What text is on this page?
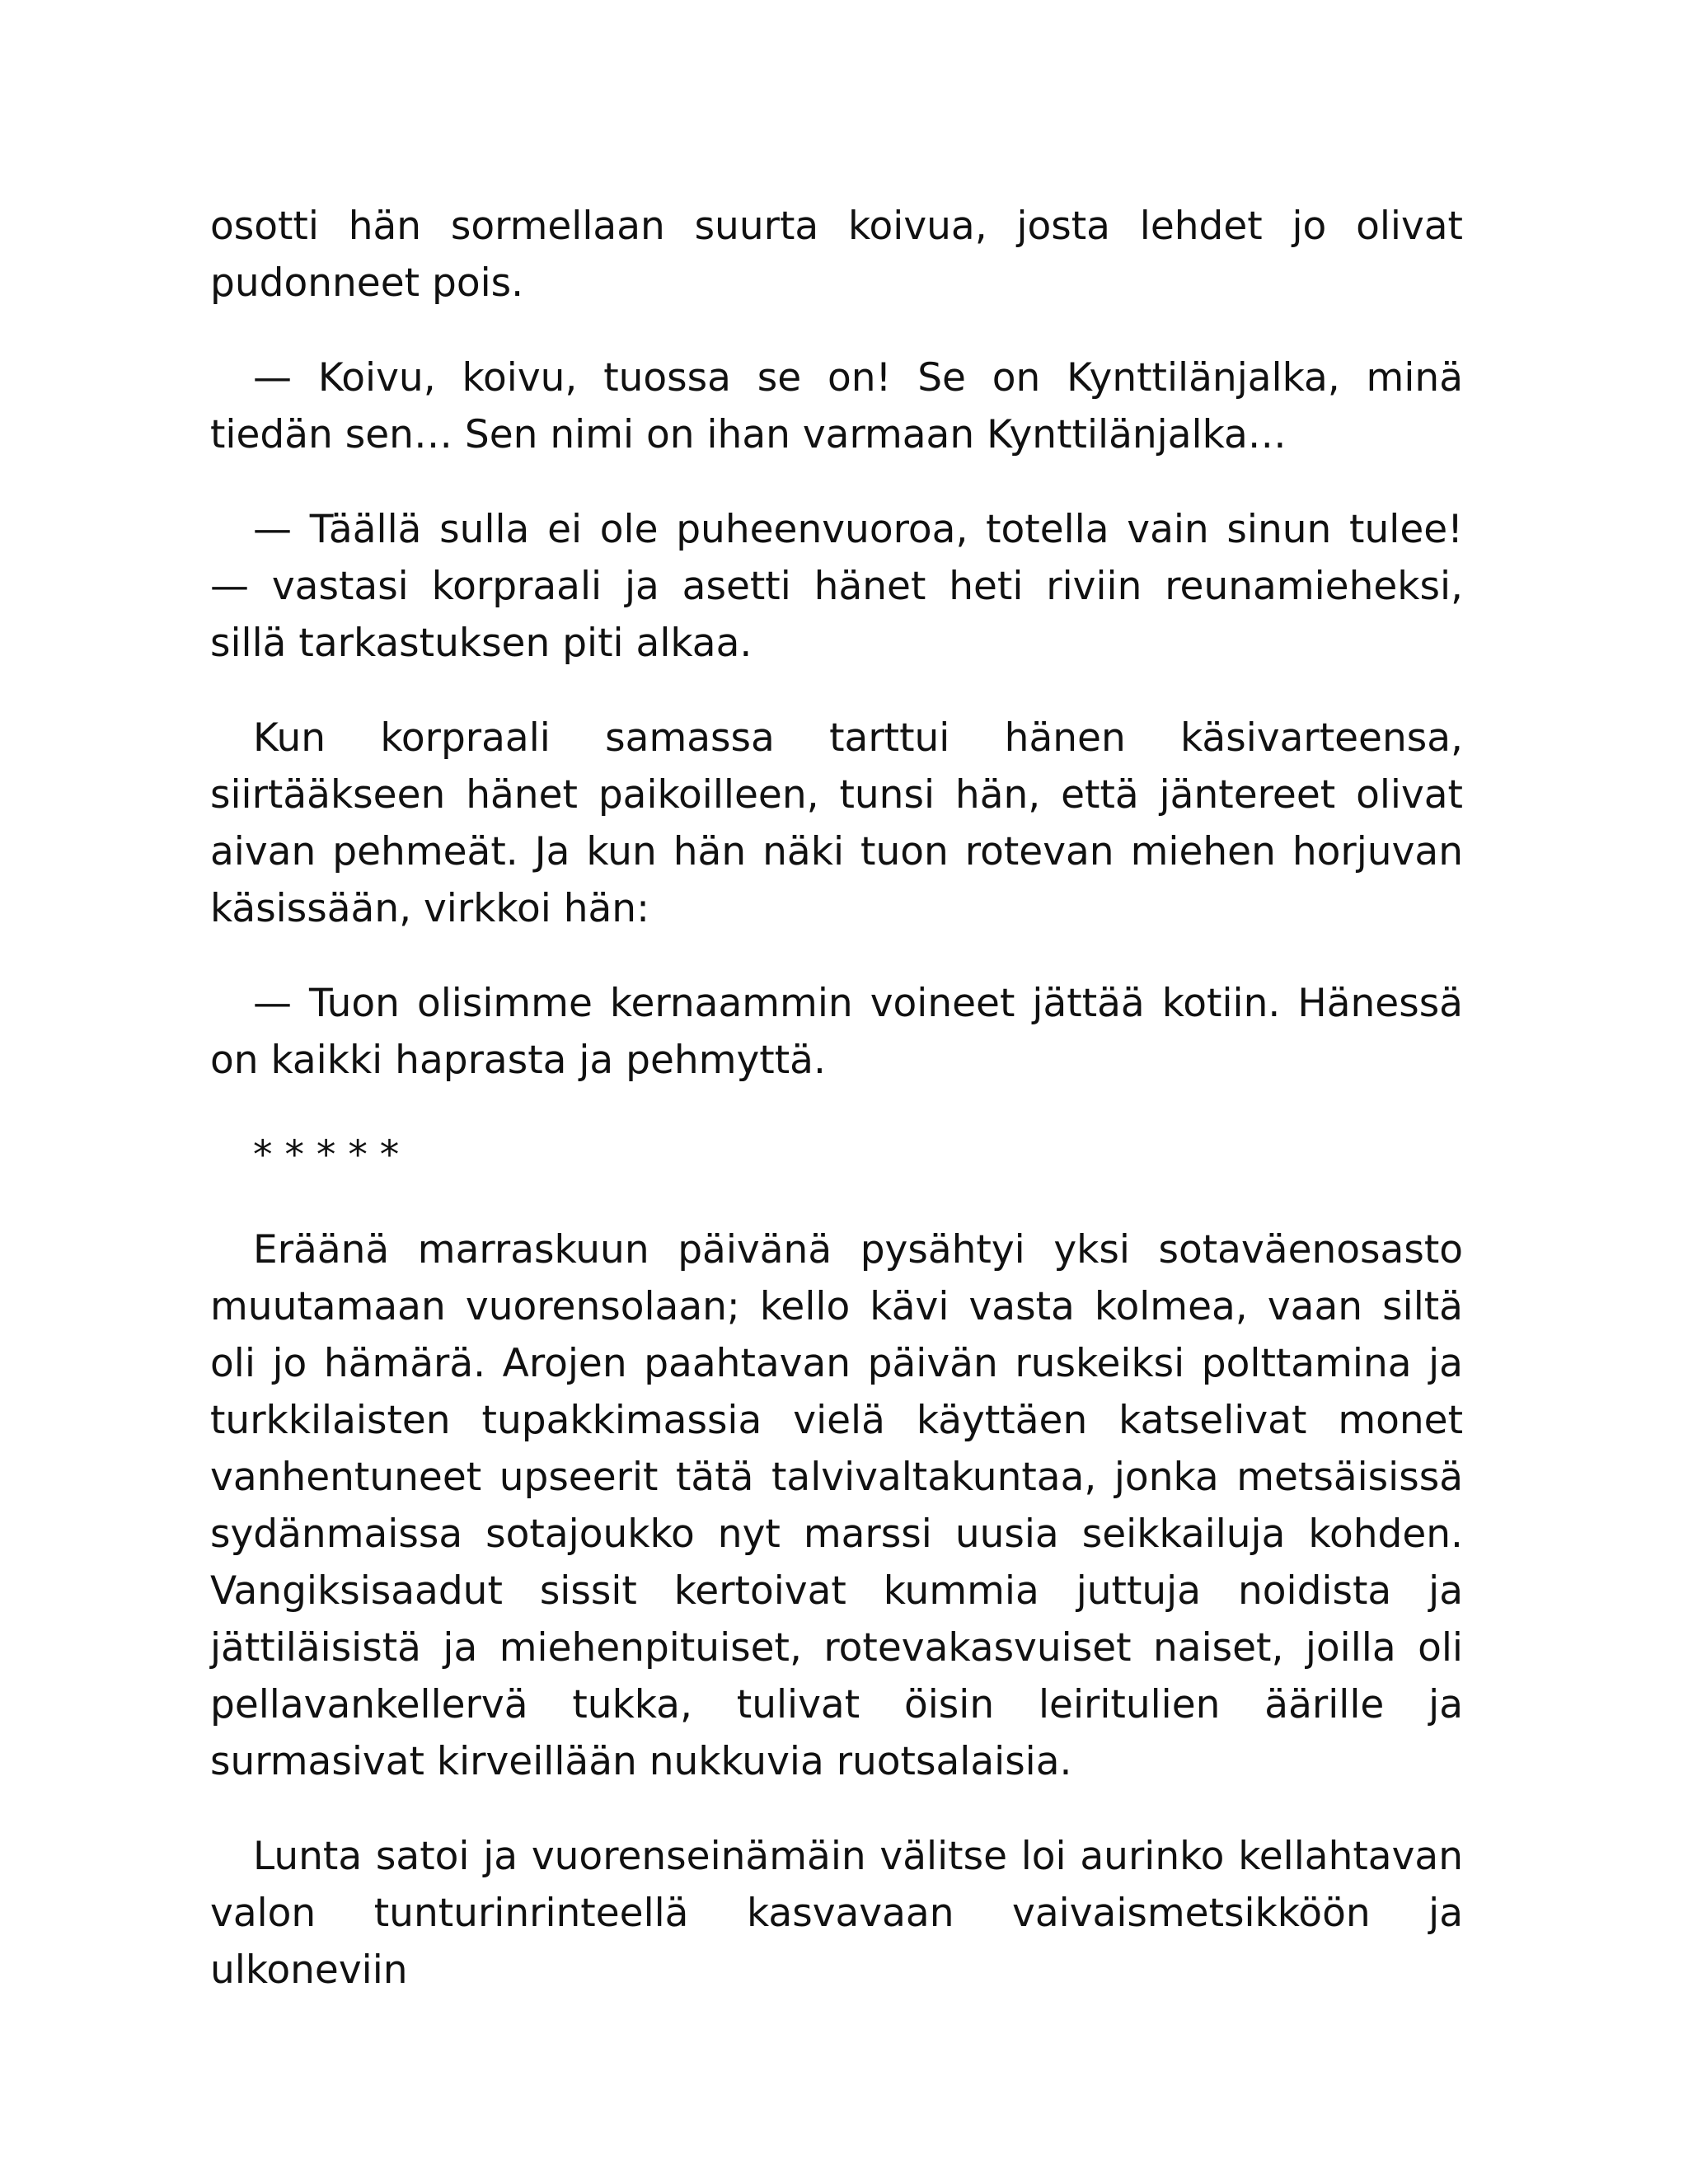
osotti hän sormellaan suurta koivua, josta lehdet jo olivat pudonneet pois.

— Koivu, koivu, tuossa se on! Se on Kynttilänjalka, minä tiedän sen… Sen nimi on ihan varmaan Kynttilänjalka…

— Täällä sulla ei ole puheenvuoroa, totella vain sinun tulee! — vastasi korpraali ja asetti hänet heti riviin reunamieheksi, sillä tarkastuksen piti alkaa.

Kun korpraali samassa tarttui hänen käsivarteensa, siirtääkseen hänet paikoilleen, tunsi hän, että jäntereet olivat aivan pehmeät. Ja kun hän näki tuon rotevan miehen horjuvan käsissään, virkkoi hän:

— Tuon olisimme kernaammin voineet jättää kotiin. Hänessä on kaikki haprasta ja pehmyttä.

* * * * *

Eräänä marraskuun päivänä pysähtyi yksi sotaväenosasto muutamaan vuorensolaan; kello kävi vasta kolmea, vaan siltä oli jo hämärä. Arojen paahtavan päivän ruskeiksi polttamina ja turkkilaisten tupakkimassia vielä käyttäen katselivat monet vanhentuneet upseerit tätä talvivaltakuntaa, jonka metsäisissä sydänmaissa sotajoukko nyt marssi uusia seikkailuja kohden. Vangiksisaadut sissit kertoivat kummia juttuja noidista ja jättiläisistä ja miehenpituiset, rotevakasvuiset naiset, joilla oli pellavankellervä tukka, tulivat öisin leiritulien äärille ja surmasivat kirveillään nukkuvia ruotsalaisia.

Lunta satoi ja vuorenseinämäin välitse loi aurinko kellahtavan valon tunturinrinteellä kasvavaan vaivaismetsikköön ja ulkoneviin
